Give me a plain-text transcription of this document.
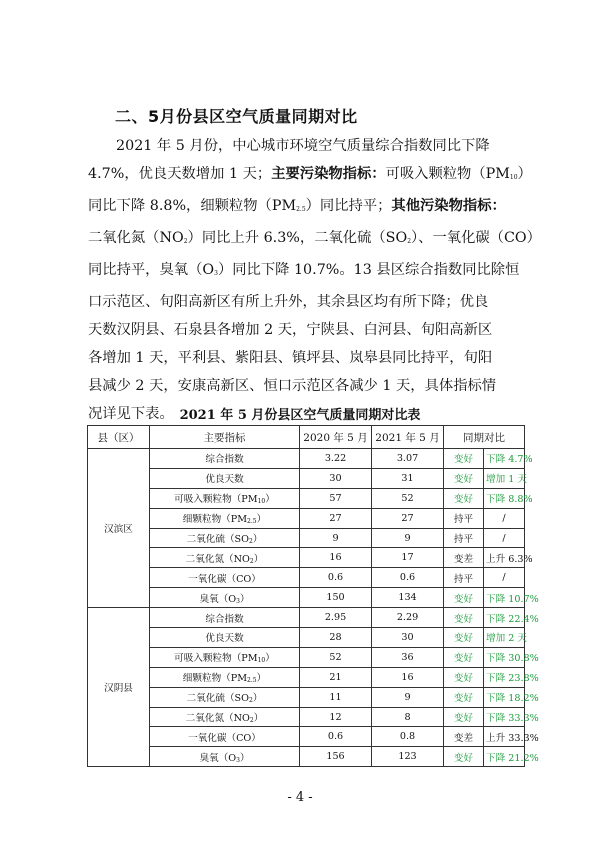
二、5月份县区空气质量同期对比

2021 年 5 月份，中心城市环境空气质量综合指数同比下降

4.7%，优良天数增加 1 天；主要污染物指标：可吸入颗粒物$(PM_{10})$

同比下降 8.8%，细颗粒物$(PM_{2.5})$同比持平；其他污染物指标：

二氧化氮$(NO_2)$同比上升 6.3%，二氧化硫$(SO_2)$、一氧化碳（CO）

同比持平，臭氧$(O_3)$同比下降 10.7%。13 县区综合指数同比除恒

口示范区、旬阳高新区有所上升外，其余县区均有所下降；优良

天数汉阴县、石泉县各增加 2 天，宁陕县、白河县、旬阳高新区

各增加 1 天，平利县、紫阳县、镇坪县、岚皋县同比持平，旬阳

县减少 2 天，安康高新区、恒口示范区各减少 1 天，具体指标情

况详见下表。 2021 年 5 月份县区空气质量同期对比表
县（区）	主要指标	2020 年 5 月	2021 年 5 月	同期对比	
汉滨区	综合指数	3.22	3.07	变好	下降 4.7%
	优良天数	30	31	变好	增加 1 天
	可吸入颗粒物$(PM_{10})$	57	52	变好	下降 8.8%
	细颗粒物$(PM_{2.5})$	27	27	持平	/
	二氧化硫$(SO_2)$	9	9	持平	/
	二氧化氮$(NO_2)$	16	17	变差	上升 6.3%
	一氧化碳（CO）	0.6	0.6	持平	/
	臭氧$(O_3)$	150	134	变好	下降 10.7%
汉阴县	综合指数	2.95	2.29	变好	下降 22.4%
	优良天数	28	30	变好	增加 2 天
	可吸入颗粒物$(PM_{10})$	52	36	变好	下降 30.8%
	细颗粒物$(PM_{2.5})$	21	16	变好	下降 23.8%
	二氧化硫$(SO_2)$	11	9	变好	下降 18.2%
	二氧化氮$(NO_2)$	12	8	变好	下降 33.3%
	一氧化碳（CO）	0.6	0.8	变差	上升 33.3%
	臭氧$(O_3)$	156	123	变好	下降 21.2%
- 4 -
